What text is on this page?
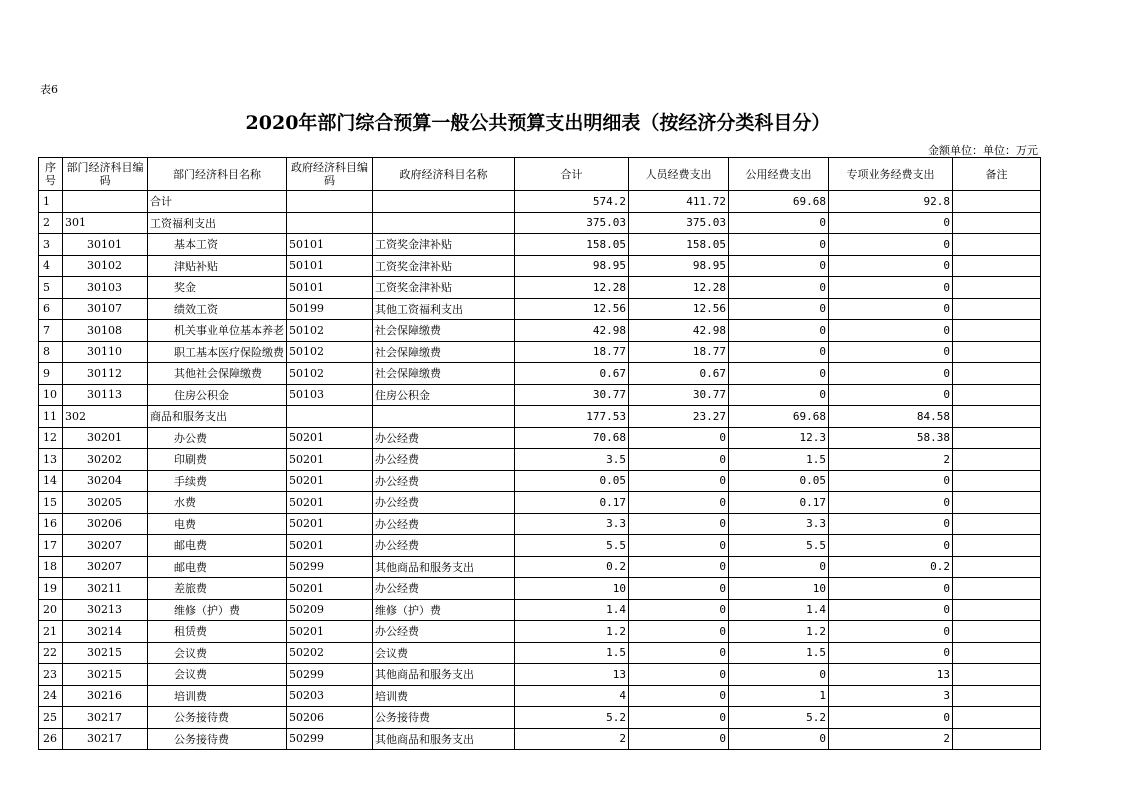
表6
2020年部门综合预算一般公共预算支出明细表（按经济分类科目分）
金额单位：单位：万元
序号	部门经济科目编码	部门经济科目名称	政府经济科目编码	政府经济科目名称	合计	人员经费支出	公用经费支出	专项业务经费支出	备注
1		合计			574.2	411.72	69.68	92.8	
2	301	工资福利支出			375.03	375.03	0	0	
3	30101	基本工资	50101	工资奖金津补贴	158.05	158.05	0	0	
4	30102	津贴补贴	50101	工资奖金津补贴	98.95	98.95	0	0	
5	30103	奖金	50101	工资奖金津补贴	12.28	12.28	0	0	
6	30107	绩效工资	50199	其他工资福利支出	12.56	12.56	0	0	
7	30108	机关事业单位基本养老	50102	社会保障缴费	42.98	42.98	0	0	
8	30110	职工基本医疗保险缴费	50102	社会保障缴费	18.77	18.77	0	0	
9	30112	其他社会保障缴费	50102	社会保障缴费	0.67	0.67	0	0	
10	30113	住房公积金	50103	住房公积金	30.77	30.77	0	0	
11	302	商品和服务支出			177.53	23.27	69.68	84.58	
12	30201	办公费	50201	办公经费	70.68	0	12.3	58.38	
13	30202	印刷费	50201	办公经费	3.5	0	1.5	2	
14	30204	手续费	50201	办公经费	0.05	0	0.05	0	
15	30205	水费	50201	办公经费	0.17	0	0.17	0	
16	30206	电费	50201	办公经费	3.3	0	3.3	0	
17	30207	邮电费	50201	办公经费	5.5	0	5.5	0	
18	30207	邮电费	50299	其他商品和服务支出	0.2	0	0	0.2	
19	30211	差旅费	50201	办公经费	10	0	10	0	
20	30213	维修（护）费	50209	维修（护）费	1.4	0	1.4	0	
21	30214	租赁费	50201	办公经费	1.2	0	1.2	0	
22	30215	会议费	50202	会议费	1.5	0	1.5	0	
23	30215	会议费	50299	其他商品和服务支出	13	0	0	13	
24	30216	培训费	50203	培训费	4	0	1	3	
25	30217	公务接待费	50206	公务接待费	5.2	0	5.2	0	
26	30217	公务接待费	50299	其他商品和服务支出	2	0	0	2	
